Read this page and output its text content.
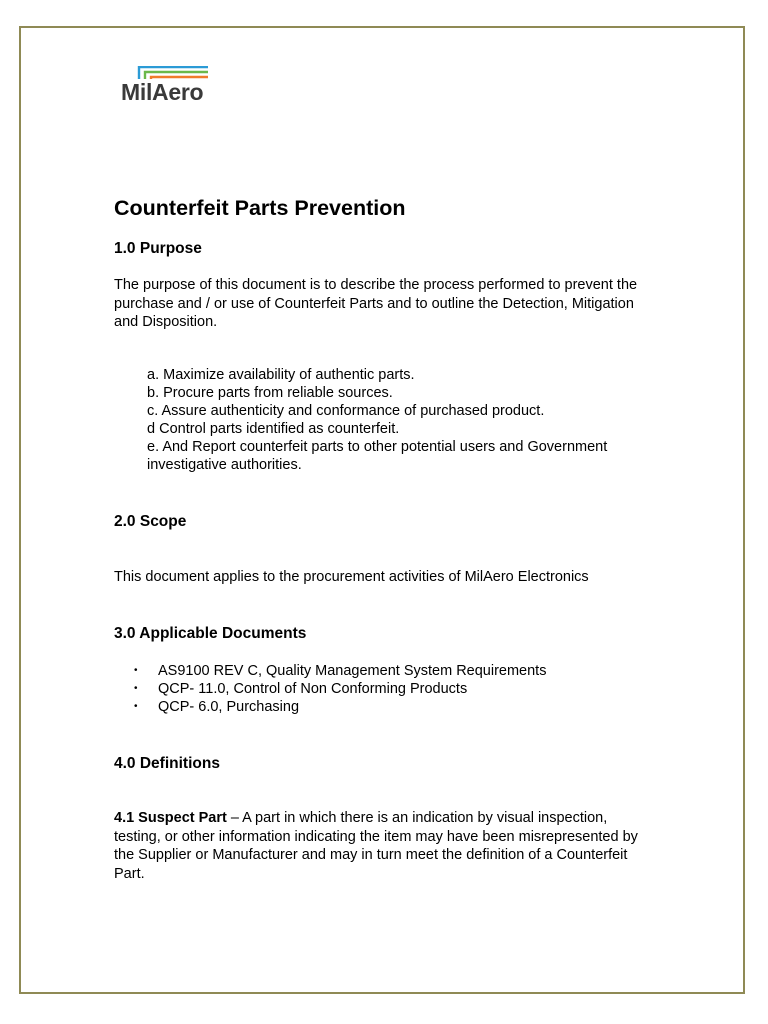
MilAero
Counterfeit Parts Prevention
1.0 Purpose

The purpose of this document is to describe the process performed to prevent the purchase and / or use of Counterfeit Parts and to outline the Detection, Mitigation and Disposition.

a. Maximize availability of authentic parts.
b. Procure parts from reliable sources.
c. Assure authenticity and conformance of purchased product.
d Control parts identified as counterfeit.
e. And Report counterfeit parts to other potential users and Government investigative authorities.
2.0 Scope
This document applies to the procurement activities of MilAero Electronics
3.0 Applicable Documents
• AS9100 REV C, Quality Management System Requirements
• QCP- 11.0, Control of Non Conforming Products
• QCP- 6.0, Purchasing
4.0 Definitions
4.1 Suspect Part – A part in which there is an indication by visual inspection, testing, or other information indicating the item may have been misrepresented by the Supplier or Manufacturer and may in turn meet the definition of a Counterfeit Part.
